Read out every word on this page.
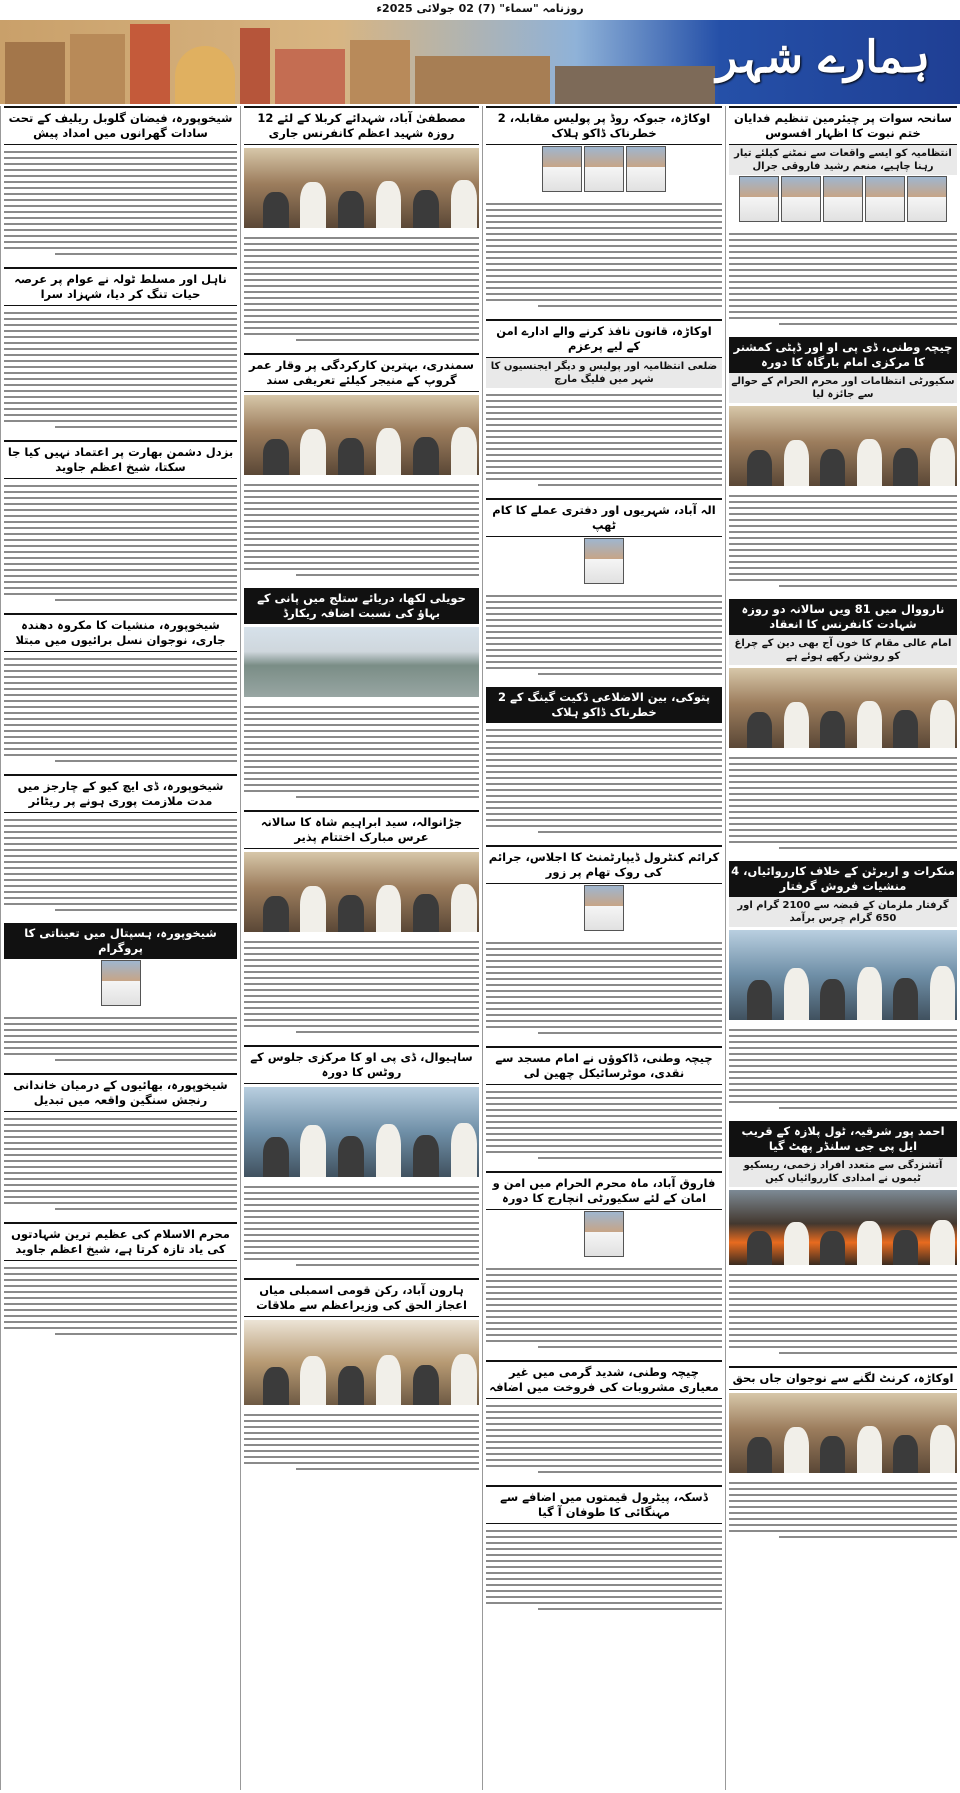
روزنامہ "سماء" (7) 02 جولائی 2025ء
ہمارے شہر
سانحہ سوات پر چیئرمین تنظیم فدایان ختم نبوت کا اظہار افسوس
انتظامیہ کو ایسے واقعات سے نمٹنے کیلئے تیار رہنا چاہیے، منعم رشید فاروقی جرال
چیچہ وطنی، ڈی پی او اور ڈپٹی کمشنر کا مرکزی امام بارگاہ کا دورہ
سکیورٹی انتظامات اور محرم الحرام کے حوالے سے جائزہ لیا
نارووال میں 81 ویں سالانہ دو روزہ شہادت کانفرنس کا انعقاد
امام عالی مقام کا خون آج بھی دین کے چراغ کو روشن رکھے ہوئے ہے
منکرات و اربرٹن کے خلاف کارروائیاں، 4 منشیات فروش گرفتار
گرفتار ملزمان کے قبضہ سے 2100 گرام اور 650 گرام چرس برآمد
احمد پور شرقیہ، ٹول پلازہ کے قریب ایل پی جی سلنڈر پھٹ گیا
آتشزدگی سے متعدد افراد زخمی، ریسکیو ٹیموں نے امدادی کارروائیاں کیں
اوکاڑہ، کرنٹ لگنے سے نوجوان جاں بحق
اوکاڑہ، جبوکہ روڈ پر پولیس مقابلہ، 2 خطرناک ڈاکو ہلاک
اوکاڑہ، قانون نافذ کرنے والے ادارے امن کے لیے پرعزم
ضلعی انتظامیہ اور پولیس و دیگر ایجنسیوں کا شہر میں فلیگ مارچ
الہ آباد، شہریوں اور دفتری عملے کا کام ٹھپ
پتوکی، بین الاضلاعی ڈکیت گینگ کے 2 خطرناک ڈاکو ہلاک
کرائم کنٹرول ڈیپارٹمنٹ کا اجلاس، جرائم کی روک تھام پر زور
چیچہ وطنی، ڈاکوؤں نے امام مسجد سے نقدی، موٹرسائیکل چھین لی
فاروق آباد، ماہ محرم الحرام میں امن و امان کے لئے سکیورٹی انچارج کا دورہ
چیچہ وطنی، شدید گرمی میں غیر معیاری مشروبات کی فروخت میں اضافہ
ڈسکہ، پیٹرول قیمتوں میں اضافے سے مہنگائی کا طوفان آ گیا
مصطفیٰ آباد، شہدائے کربلا کے لئے 12 روزہ شہید اعظم کانفرنس جاری
سمندری، بہترین کارکردگی پر وقار عمر گروپ کے منیجر کیلئے تعریفی سند
حویلی لکھا، دریائے ستلج میں پانی کے بہاؤ کی نسبت اضافہ ریکارڈ
جڑانوالہ، سید ابراہیم شاہ کا سالانہ عرس مبارک اختتام پذیر
ساہیوال، ڈی پی او کا مرکزی جلوس کے روٹس کا دورہ
ہارون آباد، رکن قومی اسمبلی میاں اعجاز الحق کی وزیراعظم سے ملاقات
شیخوپورہ، فیضان گلوبل ریلیف کے تحت سادات گھرانوں میں امداد پیش
ناہل اور مسلط ٹولہ نے عوام پر عرصہ حیات تنگ کر دیا، شہزاد سرا
بزدل دشمن بھارت پر اعتماد نہیں کیا جا سکتا، شیخ اعظم جاوید
شیخوپورہ، منشیات کا مکروہ دھندہ جاری، نوجوان نسل برائیوں میں مبتلا
شیخوپورہ، ڈی ایچ کیو کے چارجز میں مدت ملازمت پوری ہونے پر ریٹائر
شیخوپورہ، ہسپتال میں تعیناتی کا پروگرام
شیخوپورہ، بھائیوں کے درمیان خاندانی رنجش سنگین واقعہ میں تبدیل
محرم الاسلام کی عظیم ترین شہادتوں کی یاد تازہ کرتا ہے، شیخ اعظم جاوید
